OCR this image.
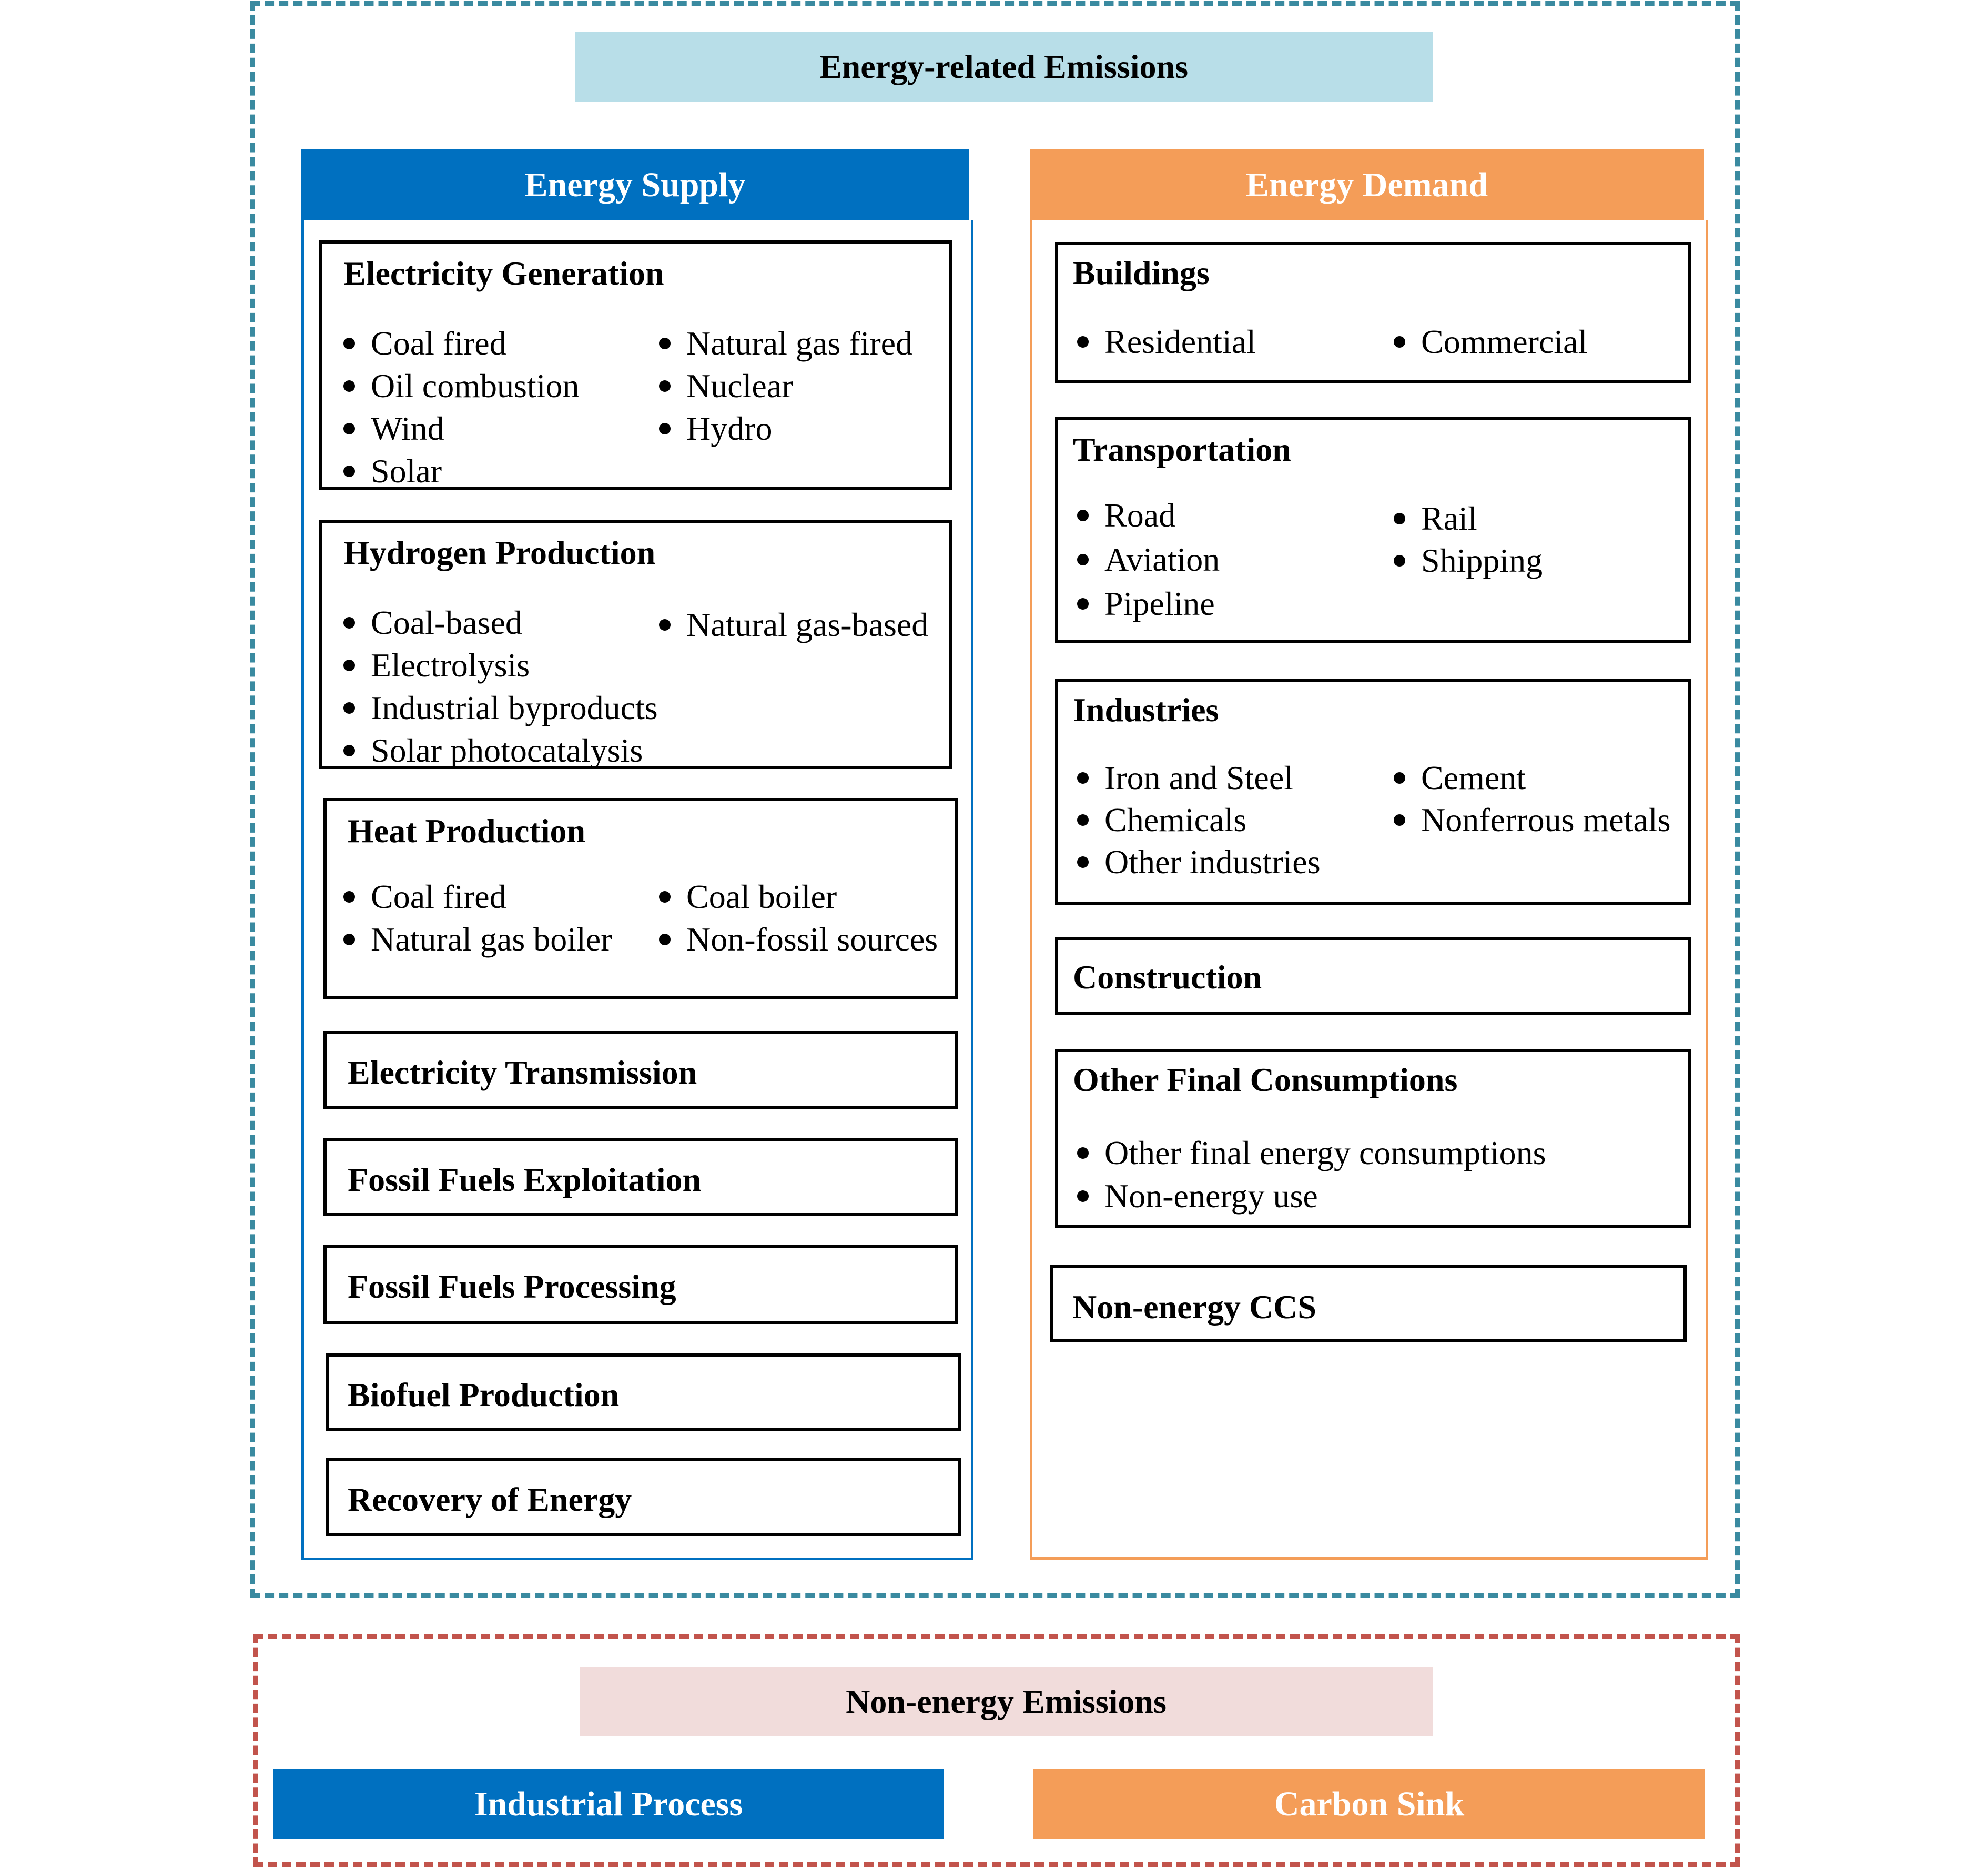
Energy-related Emissions
Energy Supply
Electricity Generation
Coal fired
Oil combustion
Wind
Solar
Natural gas fired
Nuclear
Hydro
Hydrogen Production
Coal-based
Electrolysis
Industrial byproducts
Solar photocatalysis
Natural gas-based
Heat Production
Coal fired
Natural gas boiler
Coal boiler
Non-fossil sources
Electricity Transmission
Fossil Fuels Exploitation
Fossil Fuels Processing
Biofuel Production
Recovery of Energy
Energy Demand
Buildings
Residential	Commercial
Transportation
Road
Aviation
Pipeline
Rail
Shipping
Industries
Iron and Steel
Chemicals
Other industries
Cement
Nonferrous metals
Construction
Other Final Consumptions
Other final energy consumptions
Non-energy use
Non-energy CCS
Non-energy Emissions
Industrial Process	Carbon Sink
